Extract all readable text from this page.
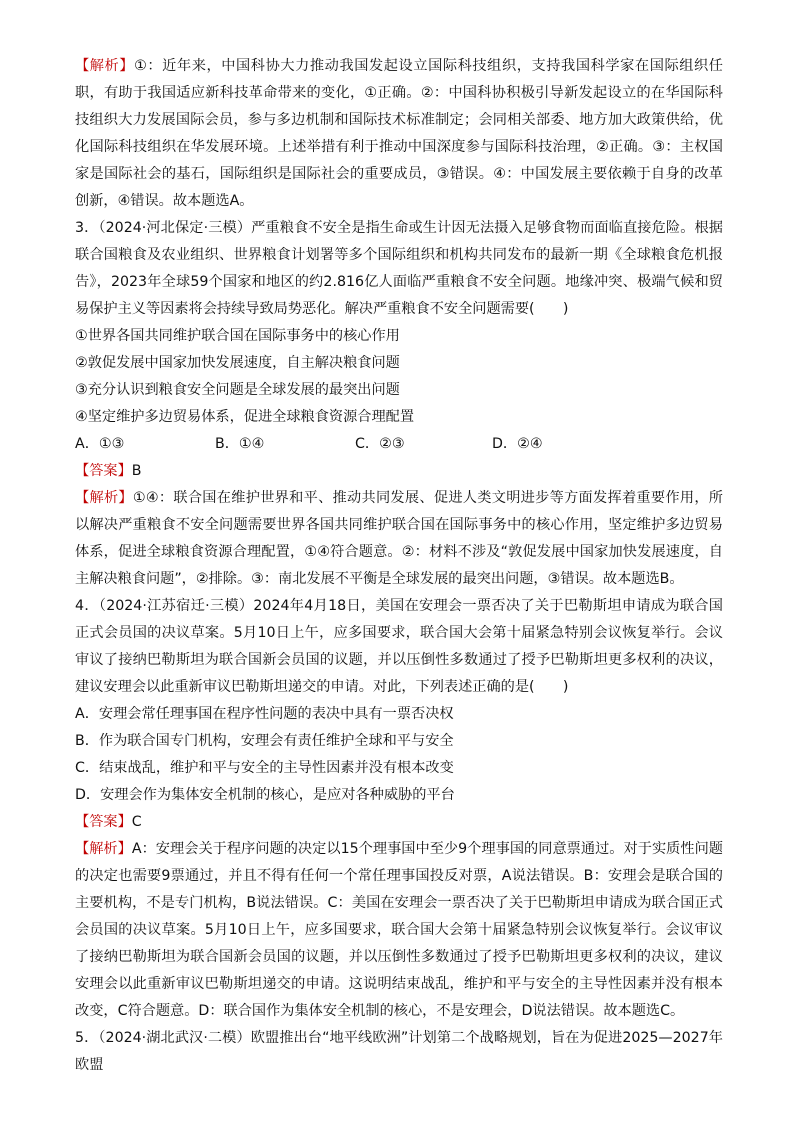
【解析】①：近年来，中国科协大力推动我国发起设立国际科技组织，支持我国科学家在国际组织任职，有助于我国适应新科技革命带来的变化，①正确。②：中国科协积极引导新发起设立的在华国际科技组织大力发展国际会员，参与多边机制和国际技术标准制定；会同相关部委、地方加大政策供给，优化国际科技组织在华发展环境。上述举措有利于推动中国深度参与国际科技治理，②正确。③：主权国家是国际社会的基石，国际组织是国际社会的重要成员，③错误。④：中国发展主要依赖于自身的改革创新，④错误。故本题选A。

3．（2024·河北保定·三模）严重粮食不安全是指生命或生计因无法摄入足够食物而面临直接危险。根据联合国粮食及农业组织、世界粮食计划署等多个国际组织和机构共同发布的最新一期《全球粮食危机报告》，2023年全球59个国家和地区的约2.816亿人面临严重粮食不安全问题。地缘冲突、极端气候和贸易保护主义等因素将会持续导致局势恶化。解决严重粮食不安全问题需要(　　)

①世界各国共同维护联合国在国际事务中的核心作用

②敦促发展中国家加快发展速度，自主解决粮食问题

③充分认识到粮食安全问题是全球发展的最突出问题

④坚定维护多边贸易体系，促进全球粮食资源合理配置

A．①③	B．①④	C．②③	D．②④

【答案】B

【解析】①④：联合国在维护世界和平、推动共同发展、促进人类文明进步等方面发挥着重要作用，所以解决严重粮食不安全问题需要世界各国共同维护联合国在国际事务中的核心作用，坚定维护多边贸易体系，促进全球粮食资源合理配置，①④符合题意。②：材料不涉及“敦促发展中国家加快发展速度，自主解决粮食问题”，②排除。③：南北发展不平衡是全球发展的最突出问题，③错误。故本题选B。

4．（2024·江苏宿迁·三模）2024年4月18日，美国在安理会一票否决了关于巴勒斯坦申请成为联合国正式会员国的决议草案。5月10日上午，应多国要求，联合国大会第十届紧急特别会议恢复举行。会议审议了接纳巴勒斯坦为联合国新会员国的议题，并以压倒性多数通过了授予巴勒斯坦更多权利的决议，建议安理会以此重新审议巴勒斯坦递交的申请。对此，下列表述正确的是(　　)

A．安理会常任理事国在程序性问题的表决中具有一票否决权

B．作为联合国专门机构，安理会有责任维护全球和平与安全

C．结束战乱，维护和平与安全的主导性因素并没有根本改变

D．安理会作为集体安全机制的核心，是应对各种威胁的平台

【答案】C

【解析】A：安理会关于程序问题的决定以15个理事国中至少9个理事国的同意票通过。对于实质性问题的决定也需要9票通过，并且不得有任何一个常任理事国投反对票，A说法错误。B：安理会是联合国的主要机构，不是专门机构，B说法错误。C：美国在安理会一票否决了关于巴勒斯坦申请成为联合国正式会员国的决议草案。5月10日上午，应多国要求，联合国大会第十届紧急特别会议恢复举行。会议审议了接纳巴勒斯坦为联合国新会员国的议题，并以压倒性多数通过了授予巴勒斯坦更多权利的决议，建议安理会以此重新审议巴勒斯坦递交的申请。这说明结束战乱，维护和平与安全的主导性因素并没有根本改变，C符合题意。D：联合国作为集体安全机制的核心，不是安理会，D说法错误。故本题选C。

5．（2024·湖北武汉·二模）欧盟推出台“地平线欧洲”计划第二个战略规划，旨在为促进2025—2027年欧盟
